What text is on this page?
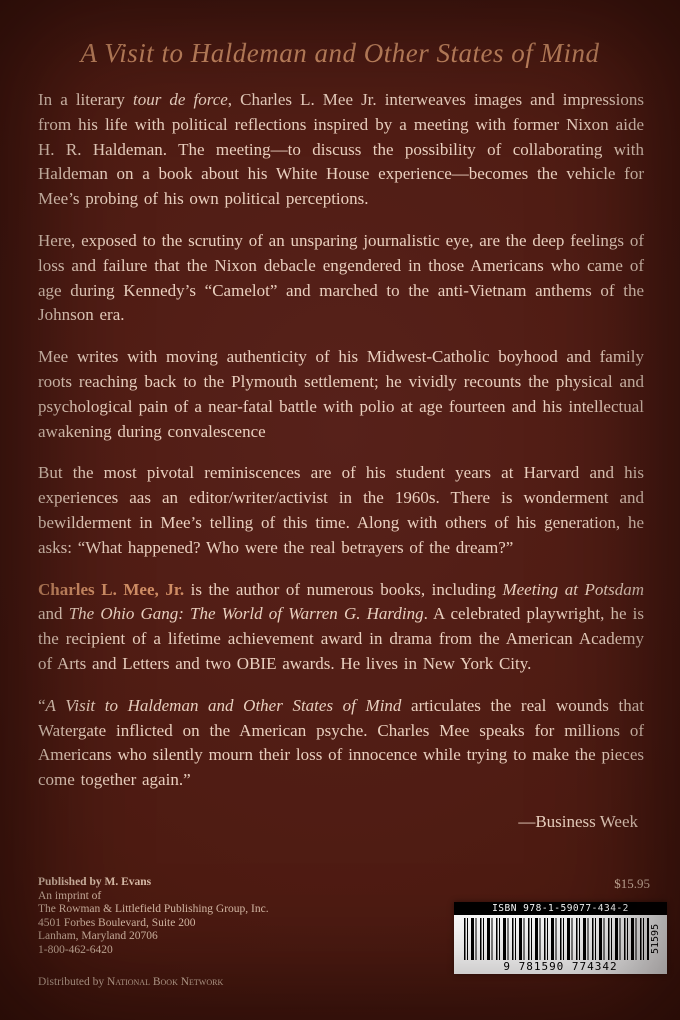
A Visit to Haldeman and Other States of Mind

In a literary tour de force, Charles L. Mee Jr. interweaves images and impressions from his life with political reflections inspired by a meeting with former Nixon aide H. R. Haldeman. The meeting—to discuss the possibility of collaborating with Haldeman on a book about his White House experience—becomes the vehicle for Mee’s probing of his own political perceptions.

Here, exposed to the scrutiny of an unsparing journalistic eye, are the deep feelings of loss and failure that the Nixon debacle engendered in those Americans who came of age during Kennedy’s “Camelot” and marched to the anti-Vietnam anthems of the Johnson era.

Mee writes with moving authenticity of his Midwest-Catholic boyhood and family roots reaching back to the Plymouth settlement; he vividly recounts the physical and psychological pain of a near-fatal battle with polio at age fourteen and his intellectual awakening during convalescence

But the most pivotal reminiscences are of his student years at Harvard and his experiences aas an editor/writer/activist in the 1960s. There is wonderment and bewilderment in Mee’s telling of this time. Along with others of his generation, he asks: “What happened? Who were the real betrayers of the dream?”

Charles L. Mee, Jr. is the author of numerous books, including Meeting at Potsdam and The Ohio Gang: The World of Warren G. Harding. A celebrated playwright, he is the recipient of a lifetime achievement award in drama from the American Academy of Arts and Letters and two OBIE awards. He lives in New York City.

“A Visit to Haldeman and Other States of Mind articulates the real wounds that Watergate inflicted on the American psyche. Charles Mee speaks for millions of Americans who silently mourn their loss of innocence while trying to make the pieces come together again.”

—Business Week
Published by M. Evans
An imprint of
The Rowman & Littlefield Publishing Group, Inc.
4501 Forbes Boulevard, Suite 200
Lanham, Maryland 20706
1-800-462-6420
Distributed by National Book Network
$15.95
ISBN 978-1-59077-434-2
51595
9 781590 774342
